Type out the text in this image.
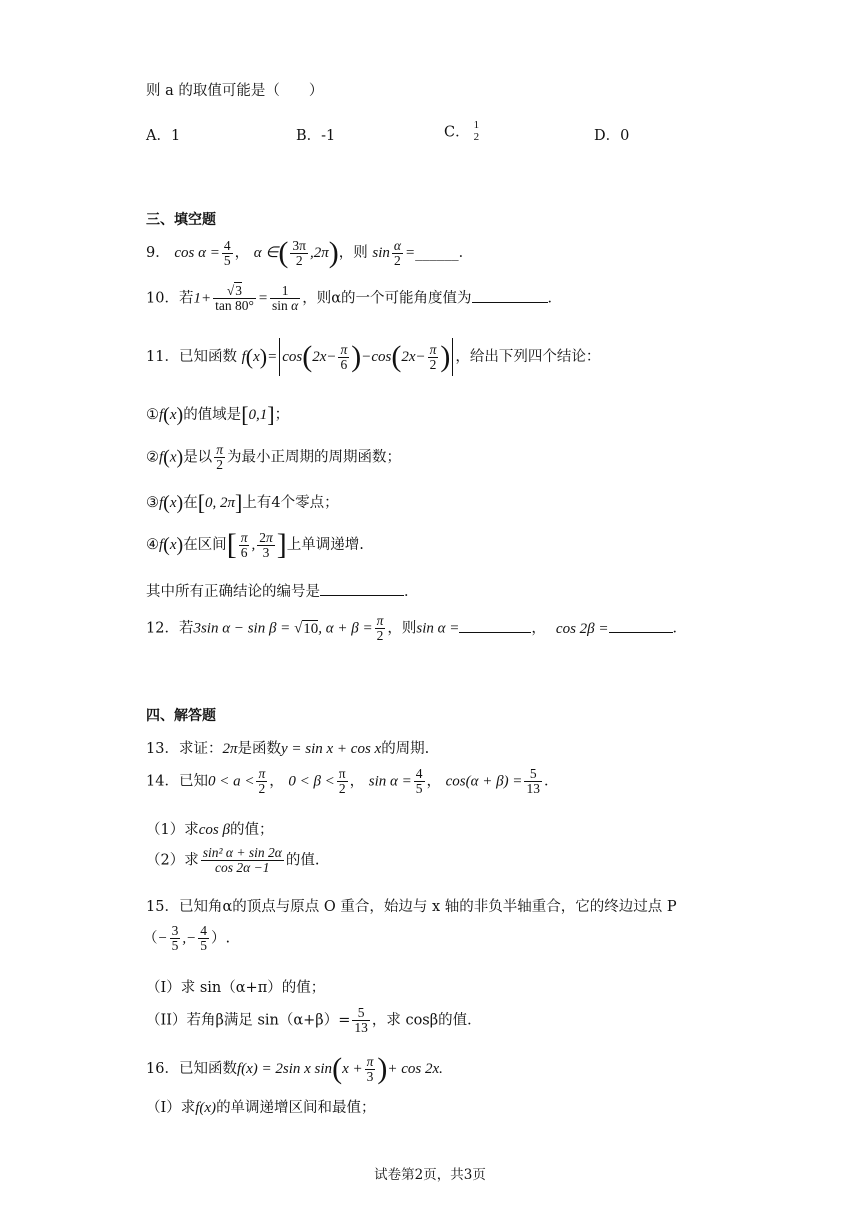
则 a 的取值可能是（　　）
A．1	B．-1	C． 1
2	D．0
三、填空题
9． $\cos \alpha = \frac{4}{5}$ ， α ∈( $\frac{3\pi}{2} ,2\pi$)，则 $\sin \frac{\alpha}{2}$ =______．
10．若$1+ \frac{√3}{\tan 80^\circ} = \frac{1}{\text{sin α}}$ ，则α的一个可能角度值为	．
11．已知函数 $f(x)= \cos(2x- \frac{\pi}{6} )-\cos(2x- \frac{\pi}{2}$ ) ，给出下列四个结论：
①f(x)的值域是[0,1]；
②f(x)是以 $\frac{\pi}{2}$ 为最小正周期的周期函数；
③f(x)在[0, 2π]上有4个零点；
④f(x)在区间[ $\frac{\pi}{6}$ , $\frac{2\pi}{3}$ ]上单调递增.
其中所有正确结论的编号是	．
12．若3sin α − sin β = √10, $\alpha + \beta = \frac{\pi}{2}$ ，则sin α =	， cos 2β =	．
四、解答题
13．求证：2π是函数y = sin x + cos x的周期.
14．已知$0 < a < \frac{\pi}{2}$ ， $0 < \beta < \frac{\pi}{2}$ ， $\sin \alpha = \frac{4}{5}$ ， $\cos(\alpha + \beta) = \frac{5}{13}$ ．
（1）求cos β的值；
（2）求 $\frac{\text{sin² α + sin 2α}}{\cos 2\alpha -1}$ 的值.
15．已知角α的顶点与原点 O 重合，始边与 x 轴的非负半轴重合，它的终边过点 P
（− $\frac{3}{5}$ ,− $\frac{4}{5}$ ）.
（I）求 sin（α+π）的值；
（II）若角β满足 $\sin(\alpha+\beta)= \frac{5}{13}$ ，求 cosβ的值．
16．已知函数f(x) = 2sin x $\sin(x + \frac{\pi}{3}$ )+ cos 2x.
（I）求f(x)的单调递增区间和最值；
试卷第2页，共3页
